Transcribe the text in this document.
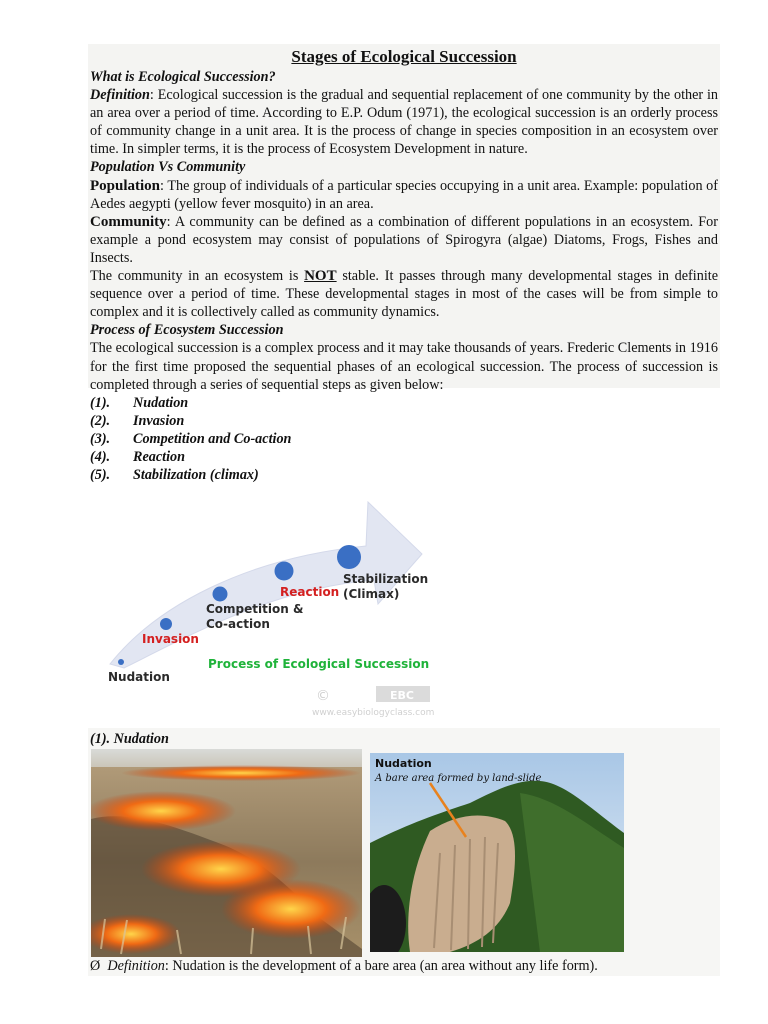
Stages of Ecological Succession
What is Ecological Succession?

Definition: Ecological succession is the gradual and sequential replacement of one community by the other in an area over a period of time. According to E.P. Odum (1971), the ecological succession is an orderly process of community change in a unit area. It is the process of change in species composition in an ecosystem over time. In simpler terms, it is the process of Ecosystem Development in nature.

Population Vs Community

Population: The group of individuals of a particular species occupying in a unit area. Example: population of Aedes aegypti (yellow fever mosquito) in an area.

Community: A community can be defined as a combination of different populations in an ecosystem. For example a pond ecosystem may consist of populations of Spirogyra (algae) Diatoms, Frogs, Fishes and Insects.

The community in an ecosystem is NOT stable. It passes through many developmental stages in definite sequence over a period of time. These developmental stages in most of the cases will be from simple to complex and it is collectively called as community dynamics.

Process of Ecosystem Succession

The ecological succession is a complex process and it may take thousands of years. Frederic Clements in 1916 for the first time proposed the sequential phases of an ecological succession. The process of succession is completed through a series of sequential steps as given below:

(1).	Nudation
(2).	Invasion
(3).	Competition and Co-action
(4).	Reaction
(5).	Stabilization (climax)
Nudation
Invasion
Competition &
Co-action
Reaction
Stabilization
(Climax)
Process of Ecological Succession
©	EBC
www.easybiologyclass.com
(1). Nudation
Nudation
A bare area formed by land-slide
Ø Definition: Nudation is the development of a bare area (an area without any life form).
